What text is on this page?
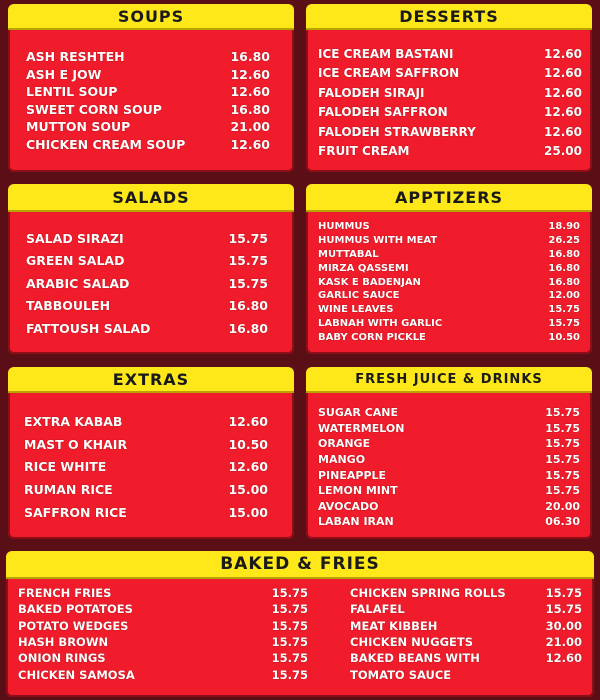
SOUPS
ASH RESHTEH	16.80
ASH E JOW	12.60
LENTIL SOUP	12.60
SWEET CORN SOUP	16.80
MUTTON SOUP	21.00
CHICKEN CREAM SOUP	12.60
DESSERTS
ICE CREAM BASTANI	12.60
ICE CREAM SAFFRON	12.60
FALODEH SIRAJI	12.60
FALODEH SAFFRON	12.60
FALODEH STRAWBERRY	12.60
FRUIT CREAM	25.00
SALADS
SALAD SIRAZI	15.75
GREEN SALAD	15.75
ARABIC SALAD	15.75
TABBOULEH	16.80
FATTOUSH SALAD	16.80
APPTIZERS
HUMMUS	18.90
HUMMUS WITH MEAT	26.25
MUTTABAL	16.80
MIRZA QASSEMI	16.80
KASK E BADENJAN	16.80
GARLIC SAUCE	12.00
WINE LEAVES	15.75
LABNAH WITH GARLIC	15.75
BABY CORN PICKLE	10.50
EXTRAS
EXTRA KABAB	12.60
MAST O KHAIR	10.50
RICE WHITE	12.60
RUMAN RICE	15.00
SAFFRON RICE	15.00
FRESH JUICE & DRINKS
SUGAR CANE	15.75
WATERMELON	15.75
ORANGE	15.75
MANGO	15.75
PINEAPPLE	15.75
LEMON MINT	15.75
AVOCADO	20.00
LABAN IRAN	06.30
BAKED & FRIES
FRENCH FRIES	15.75
BAKED POTATOES	15.75
POTATO WEDGES	15.75
HASH BROWN	15.75
ONION RINGS	15.75
CHICKEN SAMOSA	15.75
CHICKEN SPRING ROLLS	15.75
FALAFEL	15.75
MEAT KIBBEH	30.00
CHICKEN NUGGETS	21.00
BAKED BEANS WITH	12.60
TOMATO SAUCE
